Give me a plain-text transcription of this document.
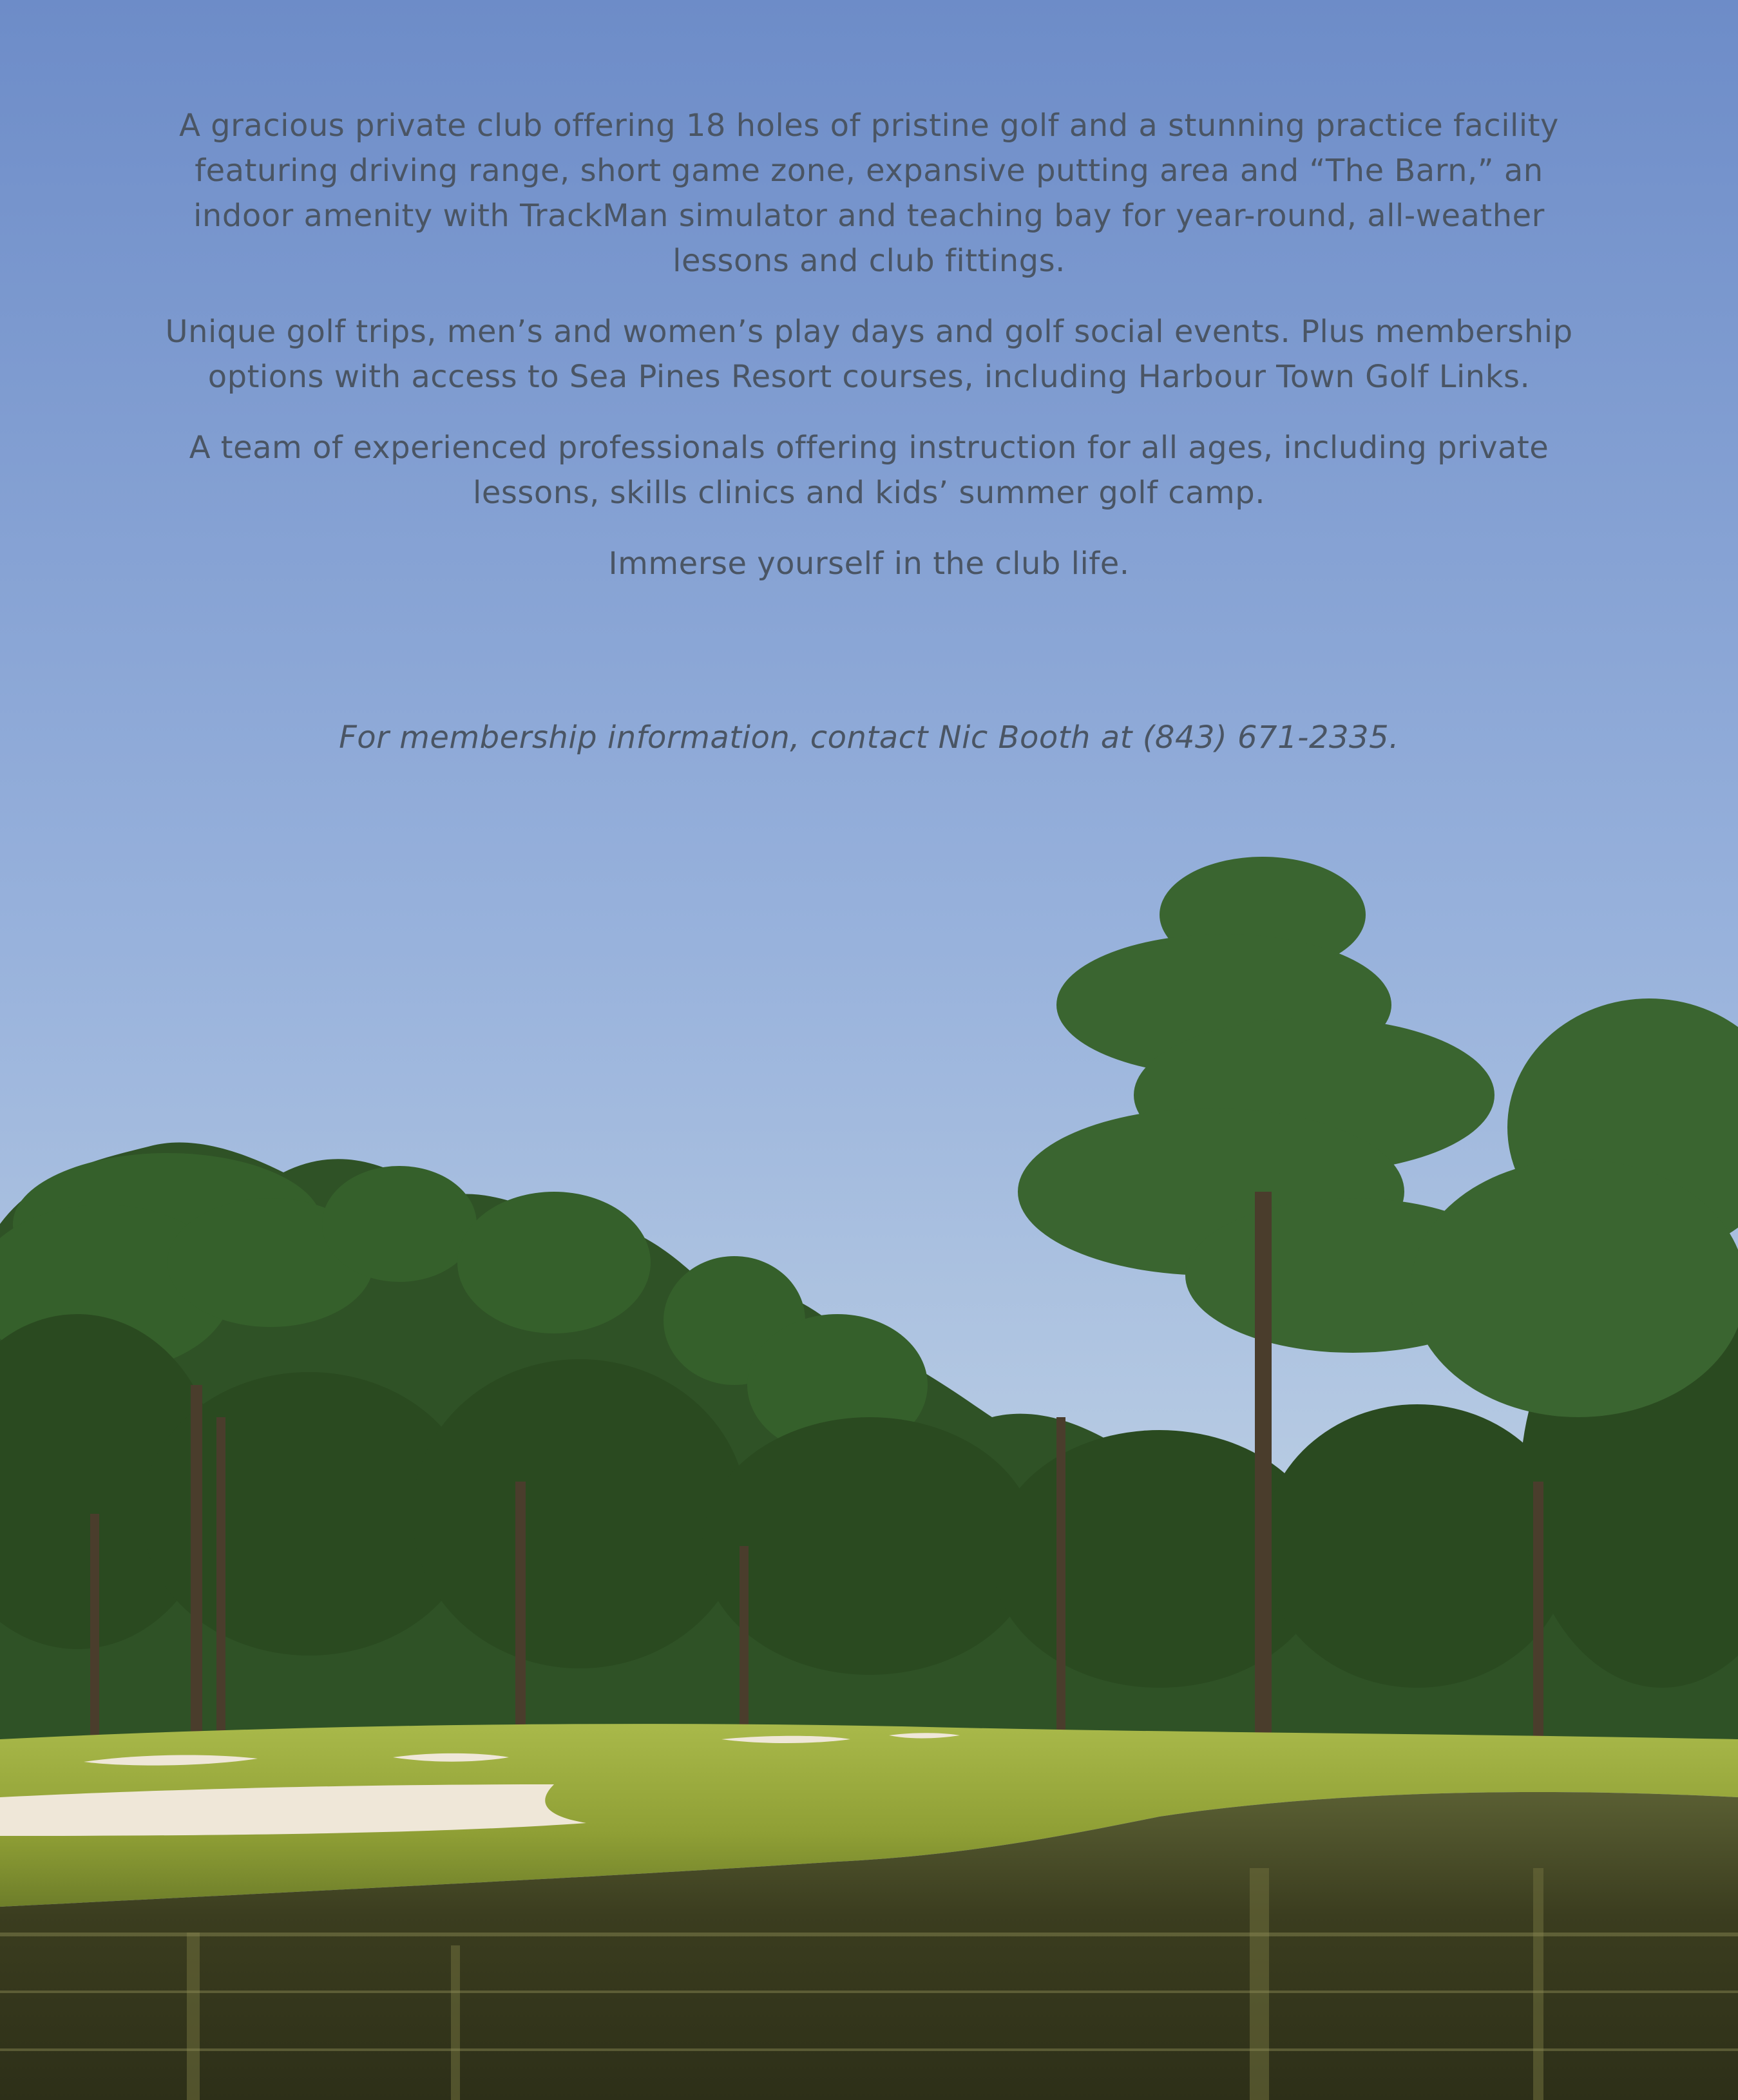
A gracious private club offering 18 holes of pristine golf and a stunning practice facility featuring driving range, short game zone, expansive putting area and “The Barn,” an indoor amenity with TrackMan simulator and teaching bay for year-round, all-weather lessons and club fittings.

Unique golf trips, men’s and women’s play days and golf social events. Plus membership options with access to Sea Pines Resort courses, including Harbour Town Golf Links.

A team of experienced professionals offering instruction for all ages, including private lessons, skills clinics and kids’ summer golf camp.

Immerse yourself in the club life.

For membership information, contact Nic Booth at (843) 671-2335.
